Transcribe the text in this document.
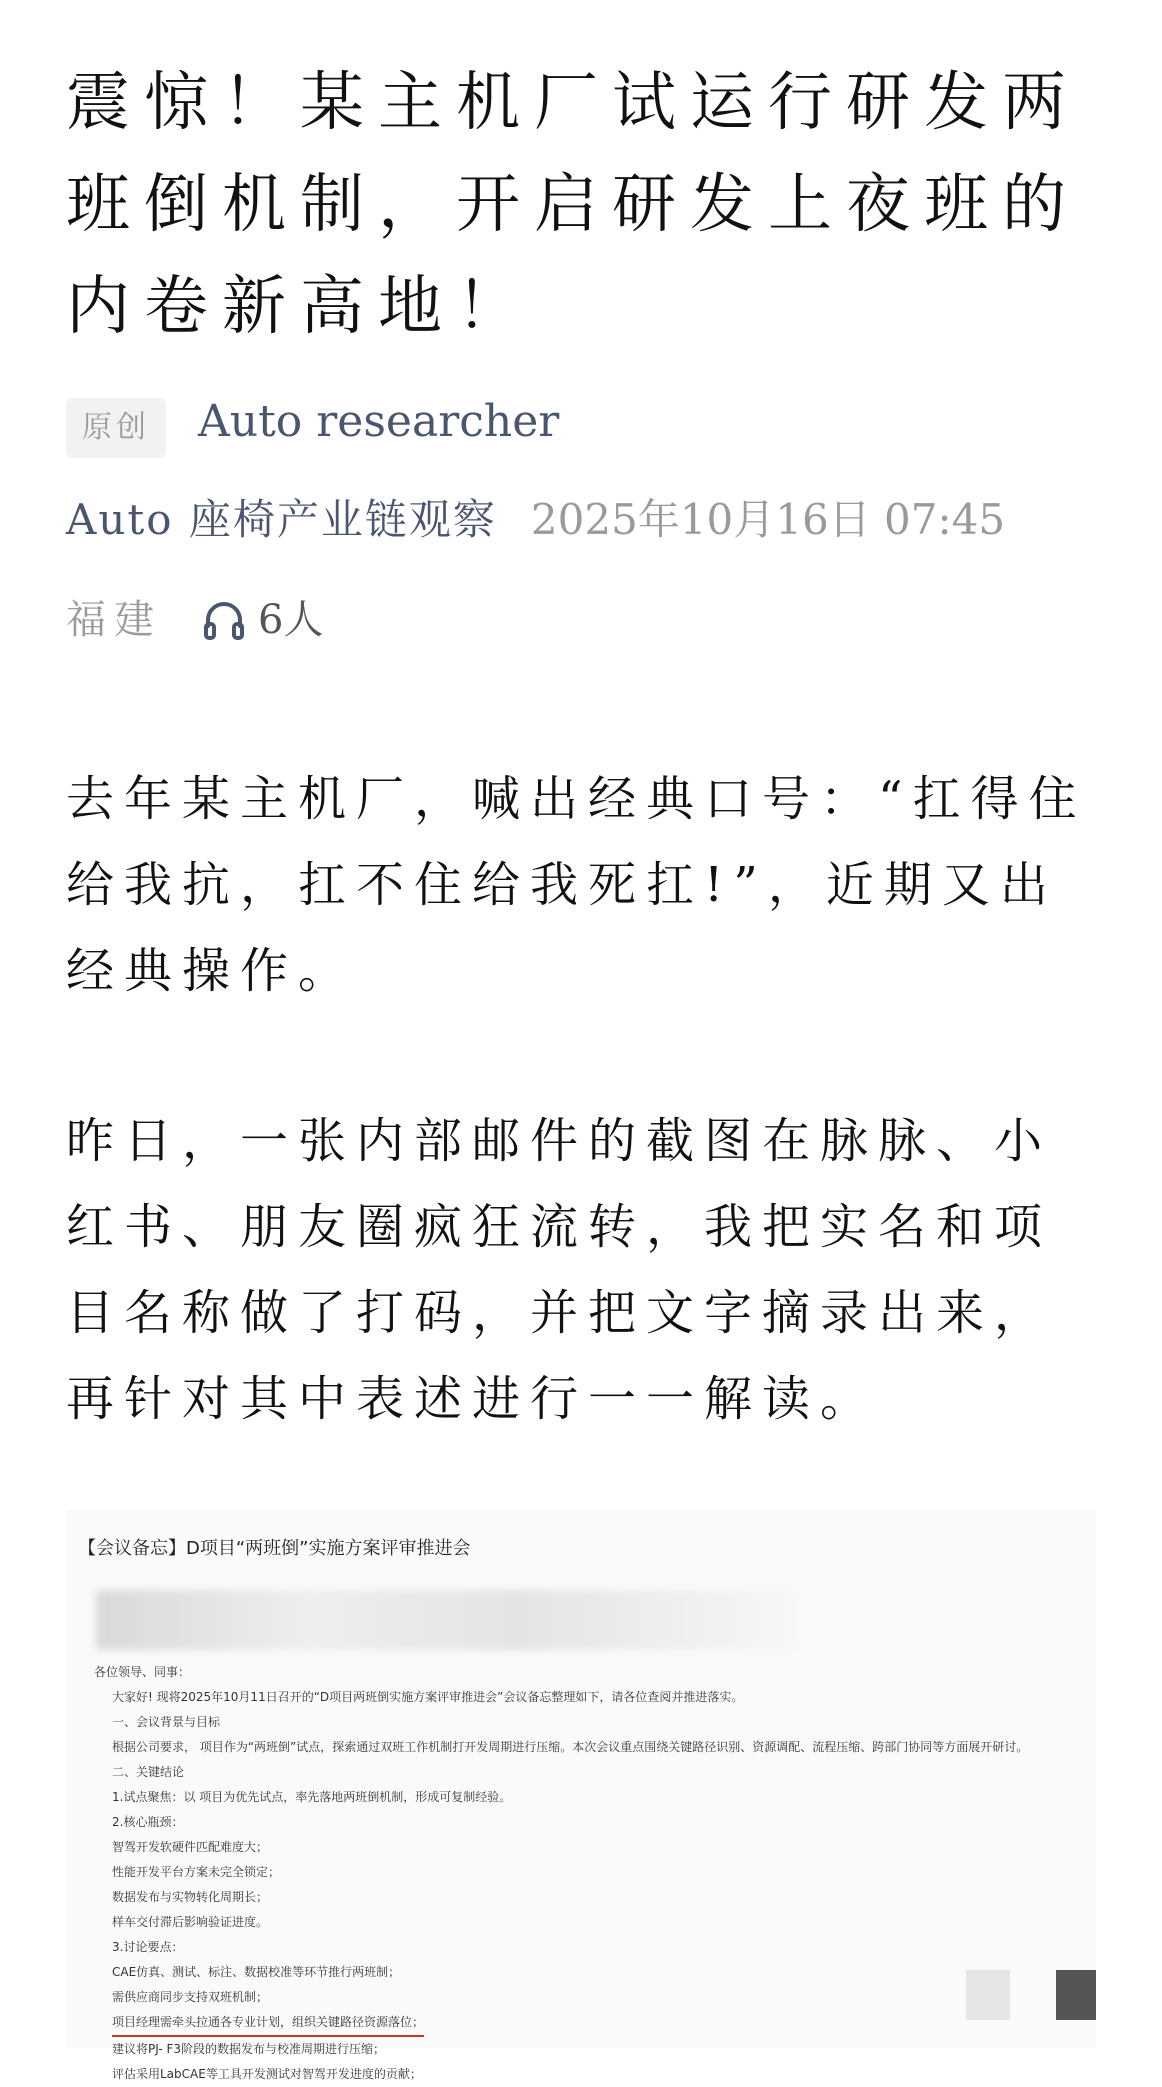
震惊！某主机厂试运行研发两班倒机制，开启研发上夜班的内卷新高地！
原创	Auto researcher
Auto 座椅产业链观察 2025年10月16日 07:45
福建 6人
去年某主机厂，喊出经典口号：“扛得住给我抗，扛不住给我死扛!”，近期又出经典操作。
昨日，一张内部邮件的截图在脉脉、小红书、朋友圈疯狂流转，我把实名和项目名称做了打码，并把文字摘录出来，再针对其中表述进行一一解读。
【会议备忘】D项目“两班倒”实施方案评审推进会
各位领导、同事：
大家好! 现将2025年10月11日召开的“D项目两班倒实施方案评审推进会”会议备忘整理如下，请各位查阅并推进落实。
一、会议背景与目标
根据公司要求， 项目作为“两班倒”试点，探索通过双班工作机制打开发周期进行压缩。本次会议重点围绕关键路径识别、资源调配、流程压缩、跨部门协同等方面展开研讨。
二、关键结论
1.试点聚焦：以 项目为优先试点，率先落地两班倒机制，形成可复制经验。
2.核心瓶颈：
智驾开发软硬件匹配难度大；
性能开发平台方案未完全锁定；
数据发布与实物转化周期长；
样车交付滞后影响验证进度。
3.讨论要点：
CAE仿真、测试、标注、数据校准等环节推行两班制；
需供应商同步支持双班机制；
项目经理需牵头拉通各专业计划，组织关键路径资源落位；
建议将PJ- F3阶段的数据发布与校准周期进行压缩；
评估采用LabCAE等工具开发测试对智驾开发进度的贡献；
